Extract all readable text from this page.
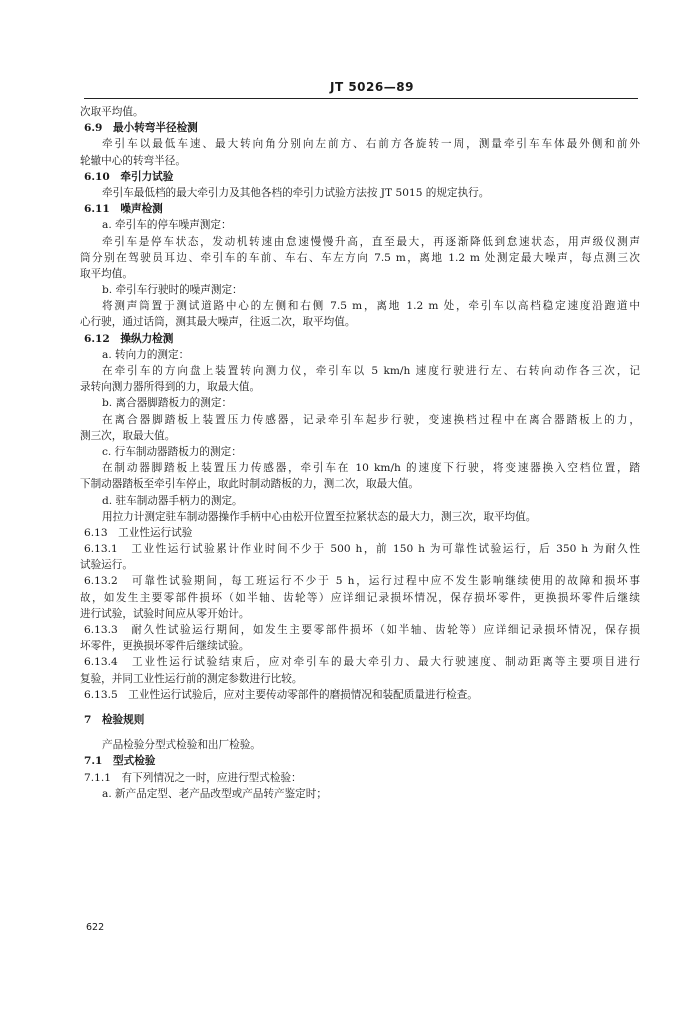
JT 5026—89
次取平均值。
6.9　最小转弯半径检测
牵引车以最低车速、最大转向角分别向左前方、右前方各旋转一周，测量牵引车车体最外侧和前外
轮辙中心的转弯半径。
6.10　牵引力试验
牵引车最低档的最大牵引力及其他各档的牵引力试验方法按 JT 5015 的规定执行。
6.11　噪声检测
a. 牵引车的停车噪声测定：
牵引车是停车状态，发动机转速由怠速慢慢升高，直至最大，再逐渐降低到怠速状态，用声级仪测声
筒分别在驾驶员耳边、牵引车的车前、车右、车左方向 7.5 m，离地 1.2 m 处测定最大噪声，每点测三次
取平均值。
b. 牵引车行驶时的噪声测定：
将测声筒置于测试道路中心的左侧和右侧 7.5 m，离地 1.2 m 处，牵引车以高档稳定速度沿跑道中
心行驶，通过话筒，测其最大噪声，往返二次，取平均值。
6.12　操纵力检测
a. 转向力的测定：
在牵引车的方向盘上装置转向测力仪，牵引车以 5 km/h 速度行驶进行左、右转向动作各三次，记
录转向测力器所得到的力，取最大值。
b. 离合器脚踏板力的测定：
在离合器脚踏板上装置压力传感器，记录牵引车起步行驶，变速换档过程中在离合器踏板上的力，
测三次，取最大值。
c. 行车制动器踏板力的测定：
在制动器脚踏板上装置压力传感器，牵引车在 10 km/h 的速度下行驶，将变速器换入空档位置，踏
下制动器踏板至牵引车停止，取此时制动踏板的力，测二次，取最大值。
d. 驻车制动器手柄力的测定。
用拉力计测定驻车制动器操作手柄中心由松开位置至拉紧状态的最大力，测三次，取平均值。
6.13　工业性运行试验
6.13.1　工业性运行试验累计作业时间不少于 500 h，前 150 h 为可靠性试验运行，后 350 h 为耐久性
试验运行。
6.13.2　可靠性试验期间，每工班运行不少于 5 h，运行过程中应不发生影响继续使用的故障和损坏事
故，如发生主要零部件损坏（如半轴、齿轮等）应详细记录损坏情况，保存损坏零件，更换损坏零件后继续
进行试验，试验时间应从零开始计。
6.13.3　耐久性试验运行期间，如发生主要零部件损坏（如半轴、齿轮等）应详细记录损坏情况，保存损
坏零件，更换损坏零件后继续试验。
6.13.4　工业性运行试验结束后，应对牵引车的最大牵引力、最大行驶速度、制动距离等主要项目进行
复验，并同工业性运行前的测定参数进行比较。
6.13.5　工业性运行试验后，应对主要传动零部件的磨损情况和装配质量进行检查。
7　检验规则
产品检验分型式检验和出厂检验。
7.1　型式检验
7.1.1　有下列情况之一时，应进行型式检验：
a. 新产品定型、老产品改型或产品转产鉴定时；
622
